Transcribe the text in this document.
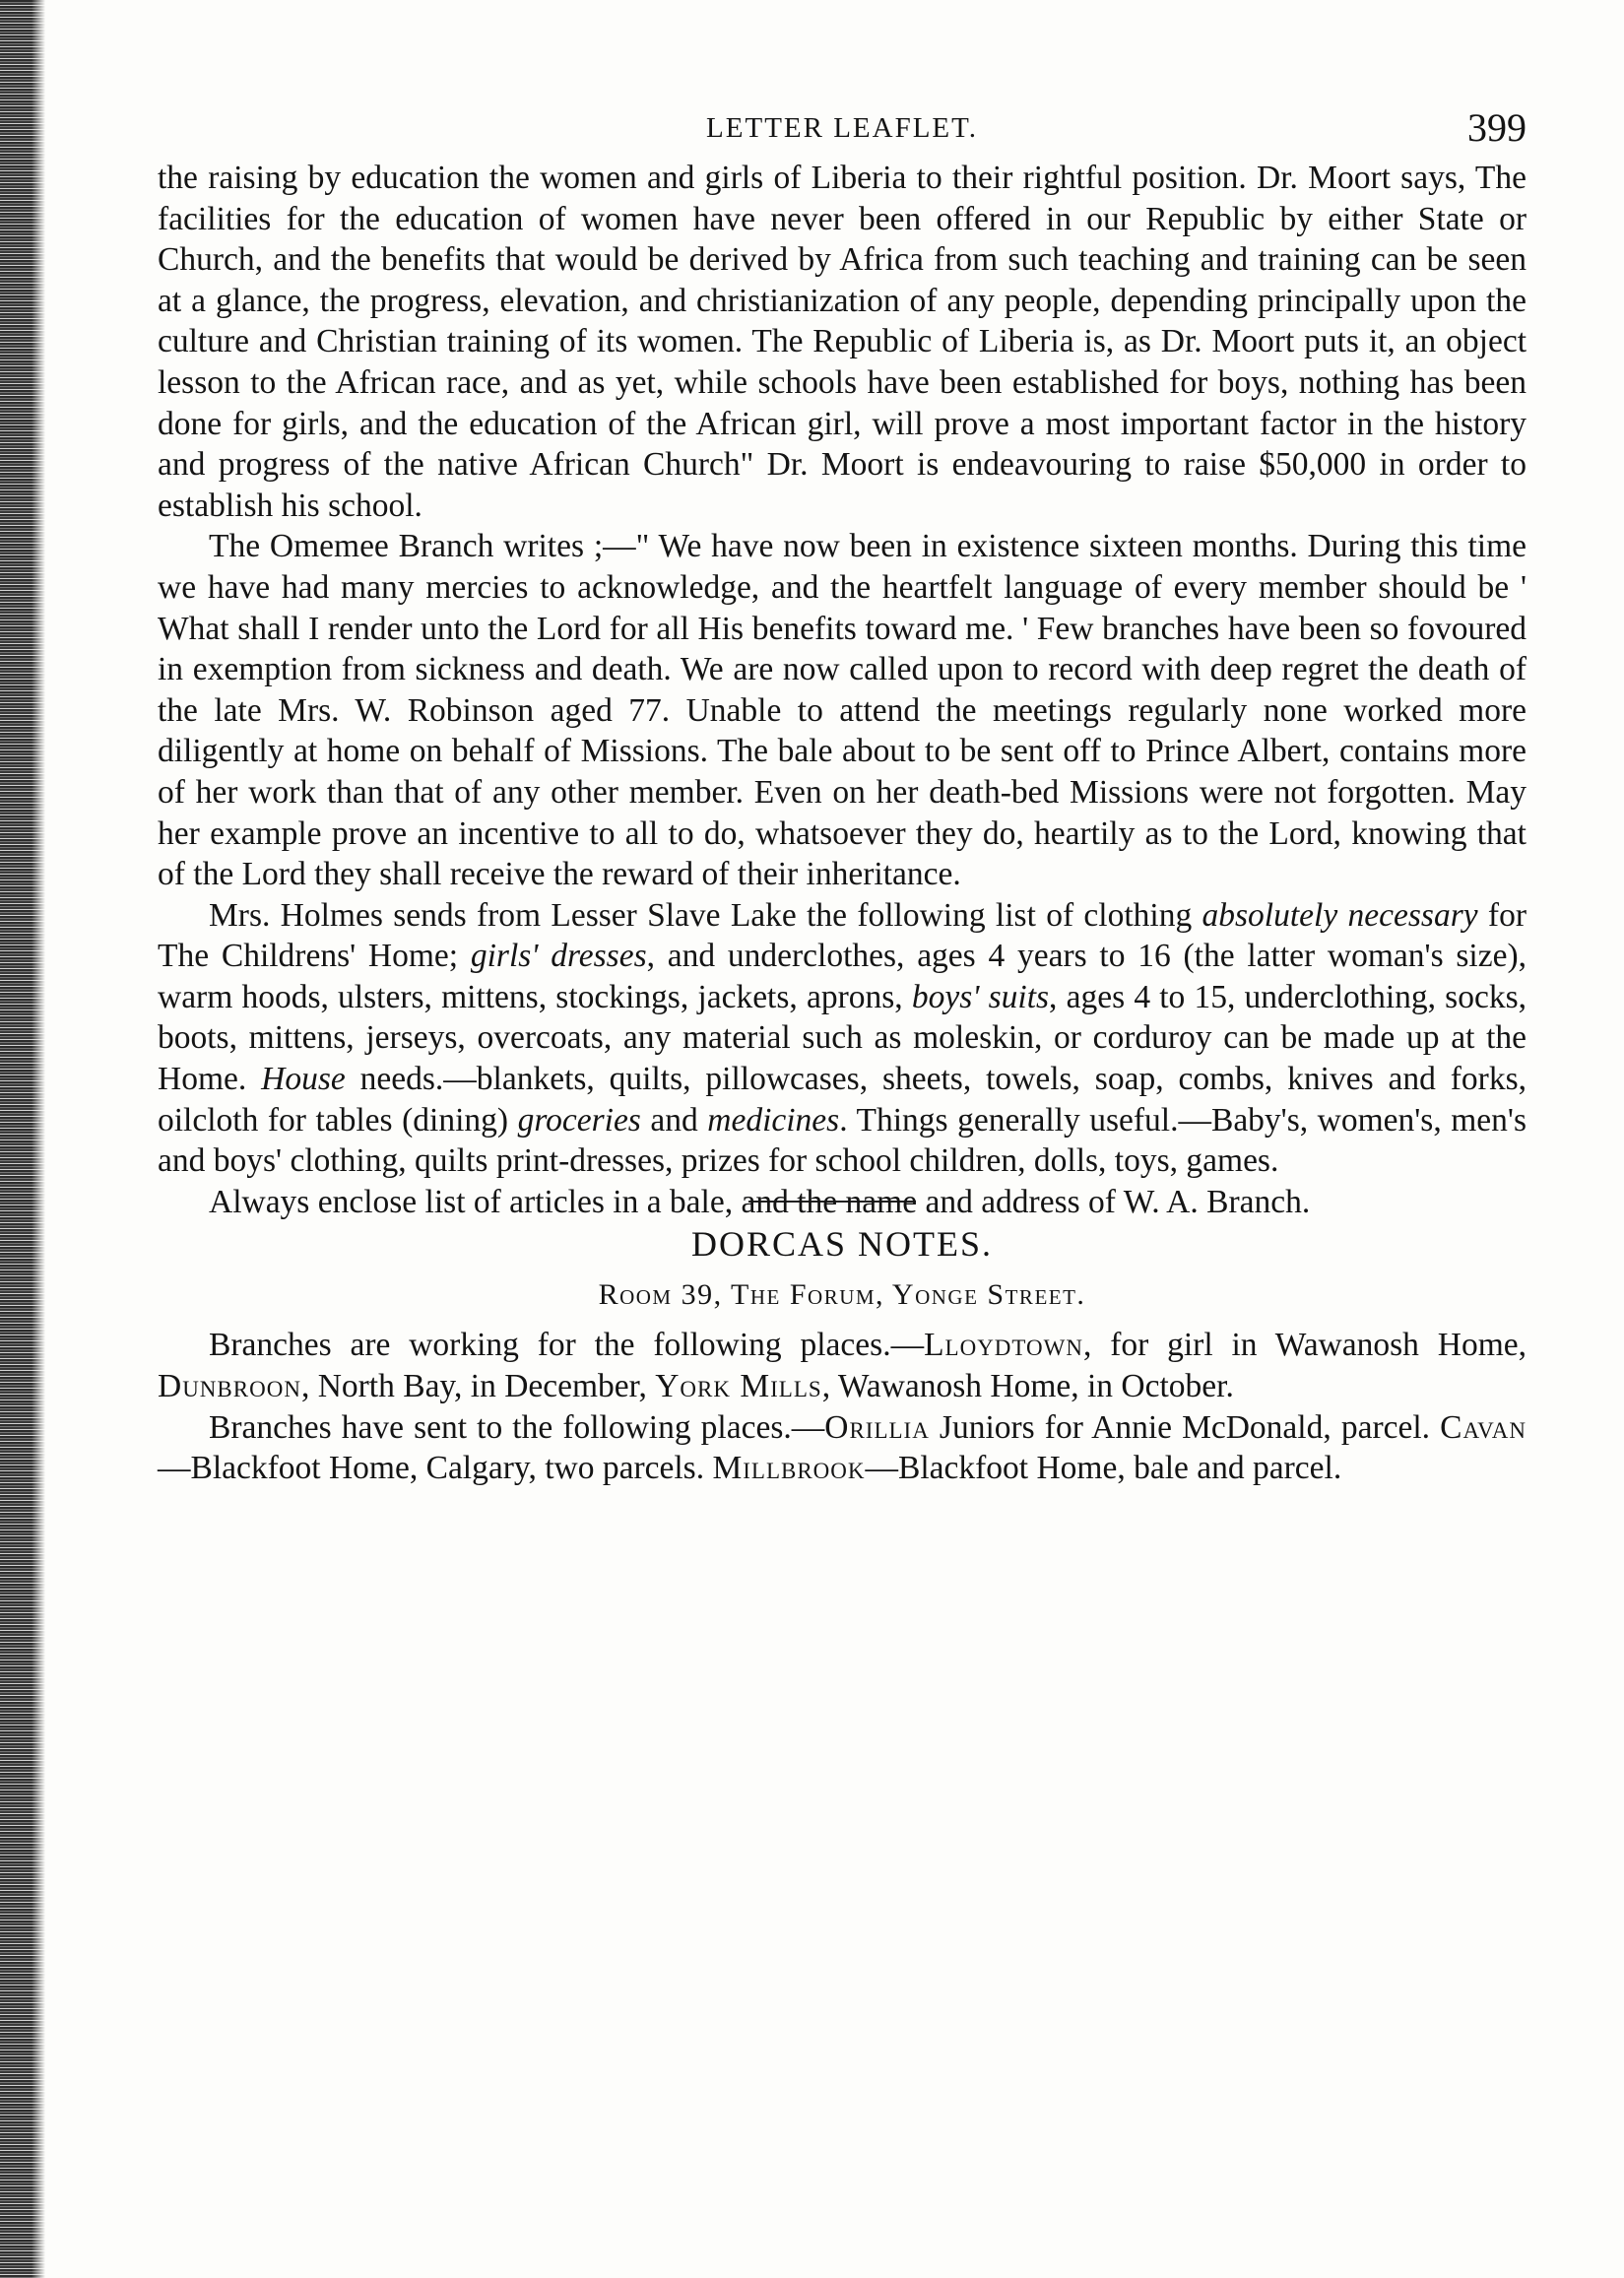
LETTER LEAFLET.	399

the raising by education the women and girls of Liberia to their rightful position. Dr. Moort says, The facilities for the education of women have never been offered in our Republic by either State or Church, and the benefits that would be derived by Africa from such teaching and training can be seen at a glance, the progress, elevation, and christianization of any people, depending principally upon the culture and Christian training of its women. The Republic of Liberia is, as Dr. Moort puts it, an object lesson to the African race, and as yet, while schools have been established for boys, nothing has been done for girls, and the education of the African girl, will prove a most important factor in the history and progress of the native African Church" Dr. Moort is endeavouring to raise $50,000 in order to establish his school.

The Omemee Branch writes ;—" We have now been in existence sixteen months. During this time we have had many mercies to acknowledge, and the heartfelt language of every member should be ' What shall I render unto the Lord for all His benefits toward me. ' Few branches have been so fovoured in exemption from sickness and death. We are now called upon to record with deep regret the death of the late Mrs. W. Robinson aged 77. Unable to attend the meetings regularly none worked more diligently at home on behalf of Missions. The bale about to be sent off to Prince Albert, contains more of her work than that of any other member. Even on her death-bed Missions were not forgotten. May her example prove an incentive to all to do, whatsoever they do, heartily as to the Lord, knowing that of the Lord they shall receive the reward of their inheritance.

Mrs. Holmes sends from Lesser Slave Lake the following list of clothing absolutely necessary for The Childrens' Home; girls' dresses, and underclothes, ages 4 years to 16 (the latter woman's size), warm hoods, ulsters, mittens, stockings, jackets, aprons, boys' suits, ages 4 to 15, underclothing, socks, boots, mittens, jerseys, overcoats, any material such as moleskin, or corduroy can be made up at the Home. House needs.—blankets, quilts, pillowcases, sheets, towels, soap, combs, knives and forks, oilcloth for tables (dining) groceries and medicines. Things generally useful.—Baby's, women's, men's and boys' clothing, quilts print-dresses, prizes for school children, dolls, toys, games.

Always enclose list of articles in a bale, and the name and address of W. A. Branch.

DORCAS NOTES.
Room 39, The Forum, Yonge Street.

Branches are working for the following places.—Lloydtown, for girl in Wawanosh Home, Dunbroon, North Bay, in December, York Mills, Wawanosh Home, in October.

Branches have sent to the following places.—Orillia Juniors for Annie McDonald, parcel. Cavan—Blackfoot Home, Calgary, two parcels. Millbrook—Blackfoot Home, bale and parcel.
